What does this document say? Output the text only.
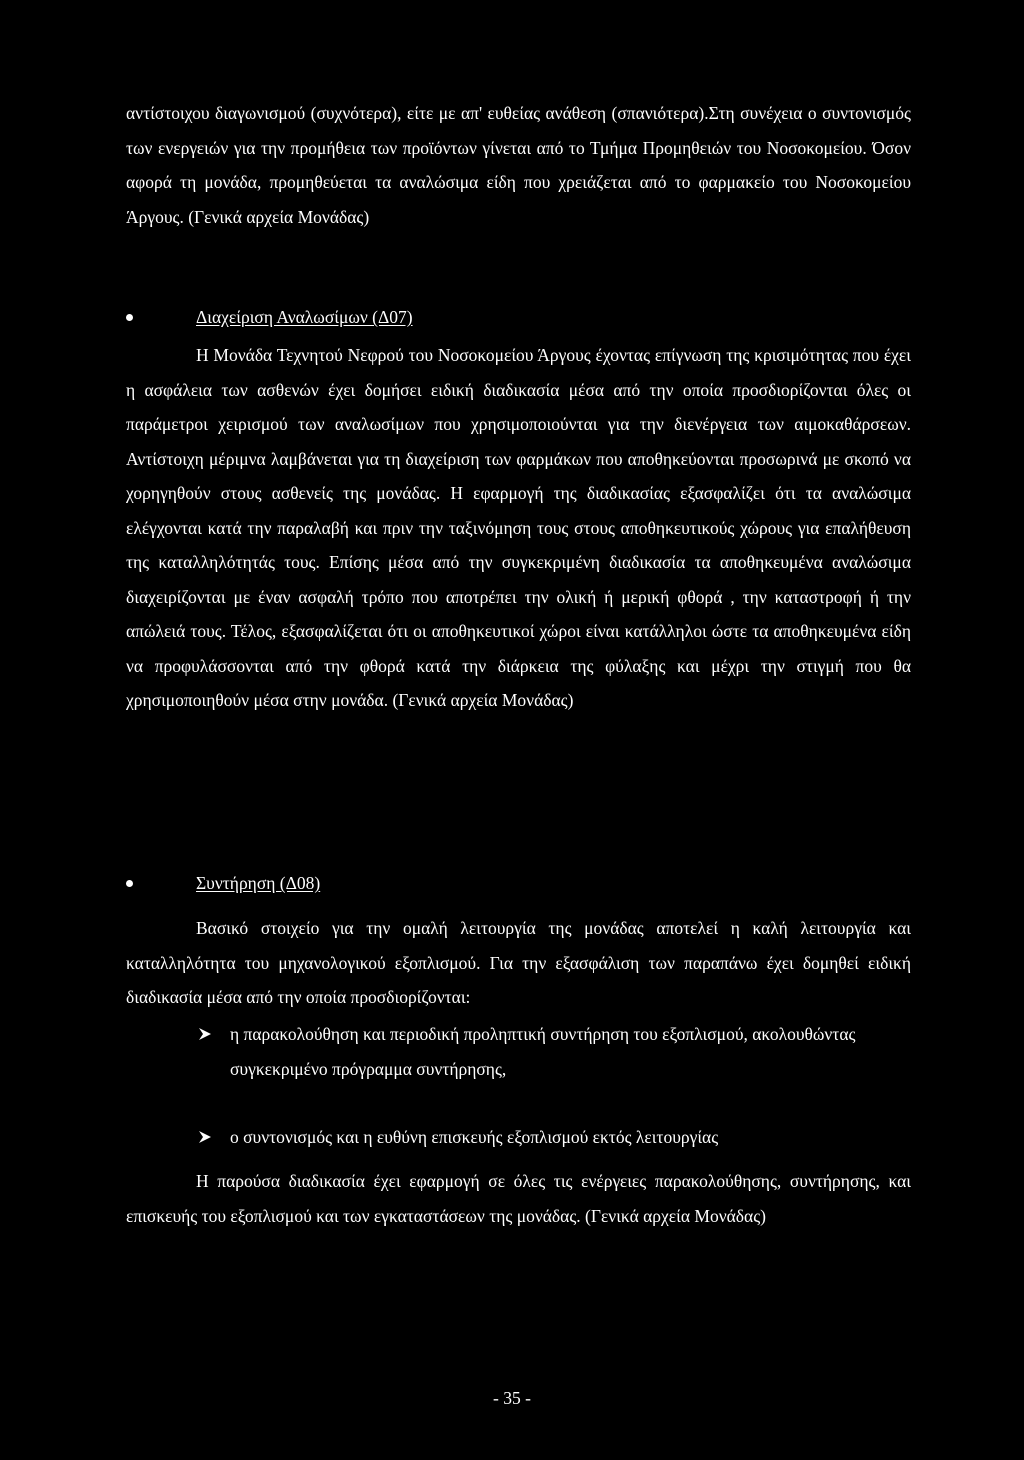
αντίστοιχου διαγωνισμού (συχνότερα), είτε με απ' ευθείας ανάθεση (σπανιότερα).Στη συνέχεια ο συντονισμός των ενεργειών για την προμήθεια των προϊόντων γίνεται από το Τμήμα Προμηθειών του Νοσοκομείου. Όσον αφορά τη μονάδα, προμηθεύεται τα αναλώσιμα είδη που χρειάζεται από το φαρμακείο του Νοσοκομείου Άργους. (Γενικά αρχεία Μονάδας)

Διαχείριση Αναλωσίμων (Δ07)

Η Μονάδα Τεχνητού Νεφρού του Νοσοκομείου Άργους έχοντας επίγνωση της κρισιμότητας που έχει η ασφάλεια των ασθενών έχει δομήσει ειδική διαδικασία μέσα από την οποία προσδιορίζονται όλες οι παράμετροι χειρισμού των αναλωσίμων που χρησιμοποιούνται για την διενέργεια των αιμοκαθάρσεων. Αντίστοιχη μέριμνα λαμβάνεται για τη διαχείριση των φαρμάκων που αποθηκεύονται προσωρινά με σκοπό να χορηγηθούν στους ασθενείς της μονάδας. Η εφαρμογή της διαδικασίας εξασφαλίζει ότι τα αναλώσιμα ελέγχονται κατά την παραλαβή και πριν την ταξινόμηση τους στους αποθηκευτικούς χώρους για επαλήθευση της καταλληλότητάς τους. Επίσης μέσα από την συγκεκριμένη διαδικασία τα αποθηκευμένα αναλώσιμα διαχειρίζονται με έναν ασφαλή τρόπο που αποτρέπει την ολική ή μερική φθορά , την καταστροφή ή την απώλειά τους. Τέλος, εξασφαλίζεται ότι οι αποθηκευτικοί χώροι είναι κατάλληλοι ώστε τα αποθηκευμένα είδη να προφυλάσσονται από την φθορά κατά την διάρκεια της φύλαξης και μέχρι την στιγμή που θα χρησιμοποιηθούν μέσα στην μονάδα. (Γενικά αρχεία Μονάδας)

Συντήρηση (Δ08)

Βασικό στοιχείο για την ομαλή λειτουργία της μονάδας αποτελεί η καλή λειτουργία και καταλληλότητα του μηχανολογικού εξοπλισμού. Για την εξασφάλιση των παραπάνω έχει δομηθεί ειδική διαδικασία μέσα από την οποία προσδιορίζονται:

η παρακολούθηση και περιοδική προληπτική συντήρηση του εξοπλισμού, ακολουθώντας συγκεκριμένο πρόγραμμα συντήρησης,
ο συντονισμός και η ευθύνη επισκευής εξοπλισμού εκτός λειτουργίας

Η παρούσα διαδικασία έχει εφαρμογή σε όλες τις ενέργειες παρακολούθησης, συντήρησης, και επισκευής του εξοπλισμού και των εγκαταστάσεων της μονάδας. (Γενικά αρχεία Μονάδας)

- 35 -
